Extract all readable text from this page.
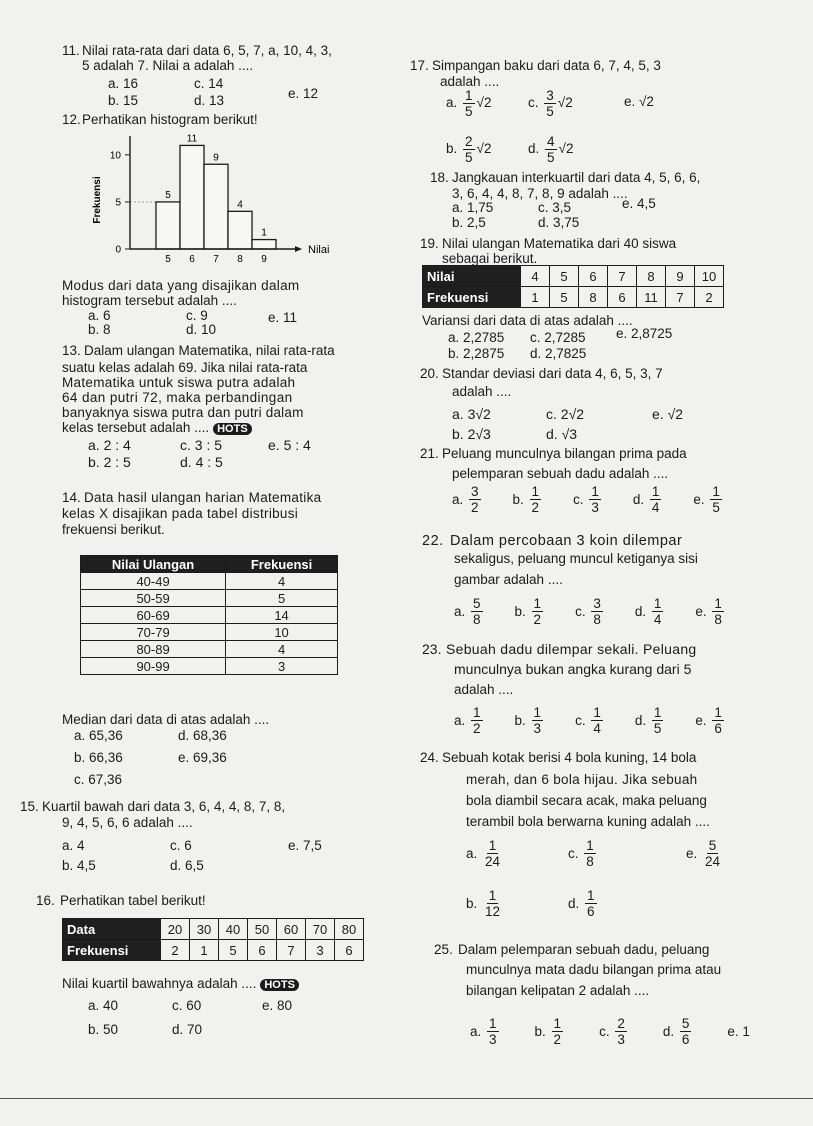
11. Nilai rata-rata dari data 6, 5, 7, a, 10, 4, 3,
5 adalah 7. Nilai a adalah ....
a. 16	c. 14
e. 12
b. 15	d. 13
12. Perhatikan histogram berikut!
Frekuensi
0
5
10
5 6 7 8 9
5
11
9
4
1
Nilai
Modus dari data yang disajikan dalam
histogram tersebut adalah ....
a. 6	c. 9	e. 11
b. 8	d. 10
13. Dalam ulangan Matematika, nilai rata-rata
suatu kelas adalah 69. Jika nilai rata-rata
Matematika untuk siswa putra adalah
64 dan putri 72, maka perbandingan
banyaknya siswa putra dan putri dalam
kelas tersebut adalah .... HOTS
a. 2 : 4	c. 3 : 5	e. 5 : 4
b. 2 : 5	d. 4 : 5
14. Data hasil ulangan harian Matematika
kelas X disajikan pada tabel distribusi
frekuensi berikut.
Nilai Ulangan	Frekuensi
40-49	4
50-59	5
60-69	14
70-79	10
80-89	4
90-99	3
Median dari data di atas adalah ....
a. 65,36	d. 68,36
b. 66,36	e. 69,36
c. 67,36
15. Kuartil bawah dari data 3, 6, 4, 4, 8, 7, 8,
9, 4, 5, 6, 6 adalah ....
a. 4	c. 6	e. 7,5
b. 4,5	d. 6,5
16. Perhatikan tabel berikut!
Data	20	30	40	50	60	70	80
Frekuensi	2	1	5	6	7	3	6
Nilai kuartil bawahnya adalah .... HOTS
a. 40	c. 60	e. 80
b. 50	d. 70
17. Simpangan baku dari data 6, 7, 4, 5, 3
adalah ....
a. $\frac{1}{5} √2$	c. $\frac{3}{5} √2$	e. √2
b. $\frac{2}{5} √2$	d. $\frac{4}{5} √2$
18. Jangkauan interkuartil dari data 4, 5, 6, 6,
3, 6, 4, 4, 8, 7, 8, 9 adalah ....
a. 1,75	c. 3,5	e. 4,5
b. 2,5	d. 3,75
19. Nilai ulangan Matematika dari 40 siswa
sebagai berikut.
Nilai	4	5	6	7	8	9	10
Frekuensi	1	5	8	6	11	7	2
Variansi dari data di atas adalah ....
a. 2,2785 c. 2,7285 e. 2,8725
b. 2,2875 d. 2,7825
20. Standar deviasi dari data 4, 6, 5, 3, 7
adalah ....
a. 3√2	c. 2√2	e. √2
b. 2√3	d. √3
21. Peluang munculnya bilangan prima pada
pelemparan sebuah dadu adalah ....
a. $\frac{3}{2} b$. $\frac{1}{2} c$. $\frac{1}{3} d$. $\frac{1}{4} e$. $\frac{1}{5}$
22. Dalam percobaan 3 koin dilempar
sekaligus, peluang muncul ketiganya sisi
gambar adalah ....
a. $\frac{5}{8} b$. $\frac{1}{2} c$. $\frac{3}{8} d$. $\frac{1}{4} e$. $\frac{1}{8}$
23. Sebuah dadu dilempar sekali. Peluang
munculnya bukan angka kurang dari 5
adalah ....
a. $\frac{1}{2} b$. $\frac{1}{3} c$. $\frac{1}{4} d$. $\frac{1}{5} e$. $\frac{1}{6}$
24. Sebuah kotak berisi 4 bola kuning, 14 bola
merah, dan 6 bola hijau. Jika sebuah
bola diambil secara acak, maka peluang
terambil bola berwarna kuning adalah ....
a. $\frac{1}{24}$	c. $\frac{1}{8}$	e. $\frac{5}{24}$
b. $\frac{1}{12}$	d. $\frac{1}{6}$
25. Dalam pelemparan sebuah dadu, peluang
munculnya mata dadu bilangan prima atau
bilangan kelipatan 2 adalah ....
a. $\frac{1}{3}$	b. $\frac{1}{2}$	c. $\frac{2}{3}$	d. $\frac{5}{6}$	e. 1
